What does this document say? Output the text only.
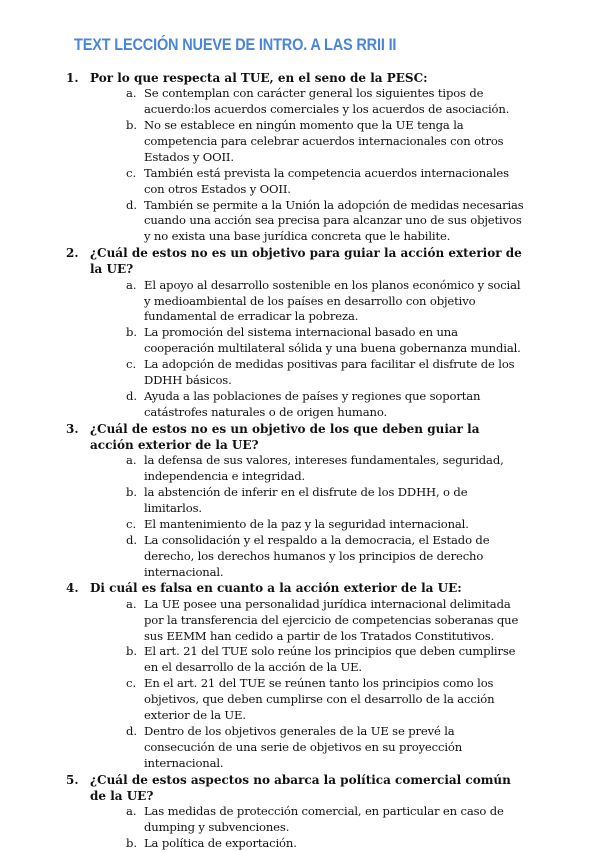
TEXT LECCIÓN NUEVE DE INTRO. A LAS RRII II
1. Por lo que respecta al TUE, en el seno de la PESC:
a. Se contemplan con carácter general los siguientes tipos de acuerdo:los acuerdos comerciales y los acuerdos de asociación.
b. No se establece en ningún momento que la UE tenga la competencia para celebrar acuerdos internacionales con otros Estados y OOII.
c. También está prevista la competencia acuerdos internacionales con otros Estados y OOII.
d. También se permite a la Unión la adopción de medidas necesarias cuando una acción sea precisa para alcanzar uno de sus objetivos y no exista una base jurídica concreta que le habilite.
2. ¿Cuál de estos no es un objetivo para guiar la acción exterior de la UE?
a. El apoyo al desarrollo sostenible en los planos económico y social y medioambiental de los países en desarrollo con objetivo fundamental de erradicar la pobreza.
b. La promoción del sistema internacional basado en una cooperación multilateral sólida y una buena gobernanza mundial.
c. La adopción de medidas positivas para facilitar el disfrute de los DDHH básicos.
d. Ayuda a las poblaciones de países y regiones que soportan catástrofes naturales o de origen humano.
3. ¿Cuál de estos no es un objetivo de los que deben guiar la acción exterior de la UE?
a. la defensa de sus valores, intereses fundamentales, seguridad, independencia e integridad.
b. la abstención de inferir en el disfrute de los DDHH, o de limitarlos.
c. El mantenimiento de la paz y la seguridad internacional.
d. La consolidación y el respaldo a la democracia, el Estado de derecho, los derechos humanos y los principios de derecho internacional.
4. Di cuál es falsa en cuanto a la acción exterior de la UE:
a. La UE posee una personalidad jurídica internacional delimitada por la transferencia del ejercicio de competencias soberanas que sus EEMM han cedido a partir de los Tratados Constitutivos.
b. El art. 21 del TUE solo reúne los principios que deben cumplirse en el desarrollo de la acción de la UE.
c. En el art. 21 del TUE se reúnen tanto los principios como los objetivos, que deben cumplirse con el desarrollo de la acción exterior de la UE.
d. Dentro de los objetivos generales de la UE se prevé la consecución de una serie de objetivos en su proyección internacional.
5. ¿Cuál de estos aspectos no abarca la política comercial común de la UE?
a. Las medidas de protección comercial, en particular en caso de dumping y subvenciones.
b. La política de exportación.
